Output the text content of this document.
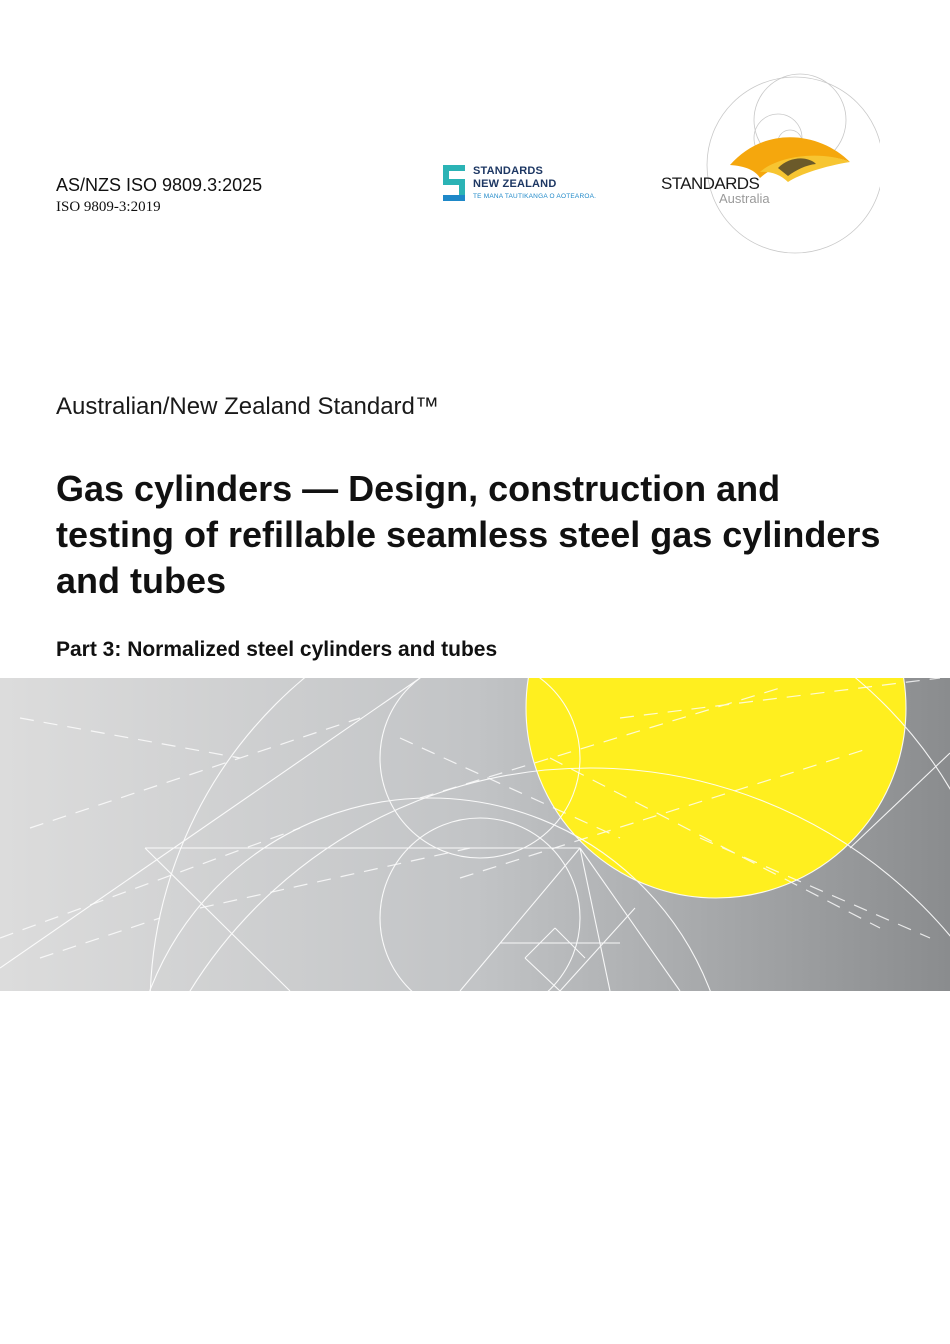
AS/NZS ISO 9809.3:2025
ISO 9809-3:2019
STANDARDS
NEW ZEALAND
TE MANA TAUTIKANGA O AOTEAROA.
STANDARDS
Australia
Australian/New Zealand Standard™
Gas cylinders — Design, construction and testing of refillable seamless steel gas cylinders and tubes
Part 3: Normalized steel cylinders and tubes
